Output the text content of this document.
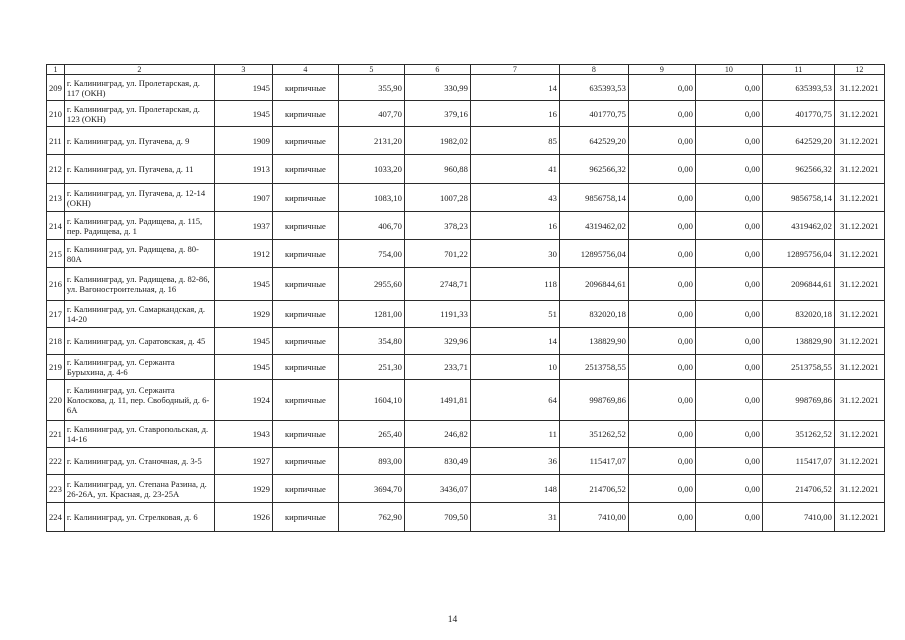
1	2	3	4	5	6	7	8	9	10	11	12
209	г. Калининград, ул. Пролетарская, д. 117 (ОКН)	1945	кирпичные	355,90	330,99	14	635393,53	0,00	0,00	635393,53	31.12.2021
210	г. Калининград, ул. Пролетарская, д. 123 (ОКН)	1945	кирпичные	407,70	379,16	16	401770,75	0,00	0,00	401770,75	31.12.2021
211	г. Калининград, ул. Пугачева, д. 9	1909	кирпичные	2131,20	1982,02	85	642529,20	0,00	0,00	642529,20	31.12.2021
212	г. Калининград, ул. Пугачева, д. 11	1913	кирпичные	1033,20	960,88	41	962566,32	0,00	0,00	962566,32	31.12.2021
213	г. Калининград, ул. Пугачева, д. 12-14 (ОКН)	1907	кирпичные	1083,10	1007,28	43	9856758,14	0,00	0,00	9856758,14	31.12.2021
214	г. Калининград, ул. Радищева, д. 115, пер. Радищева, д. 1	1937	кирпичные	406,70	378,23	16	4319462,02	0,00	0,00	4319462,02	31.12.2021
215	г. Калининград, ул. Радищева, д. 80-80А	1912	кирпичные	754,00	701,22	30	12895756,04	0,00	0,00	12895756,04	31.12.2021
216	г. Калининград, ул. Радищева, д. 82-86, ул. Вагоностроительная, д. 16	1945	кирпичные	2955,60	2748,71	118	2096844,61	0,00	0,00	2096844,61	31.12.2021
217	г. Калининград, ул. Самаркандская, д. 14-20	1929	кирпичные	1281,00	1191,33	51	832020,18	0,00	0,00	832020,18	31.12.2021
218	г. Калининград, ул. Саратовская, д. 45	1945	кирпичные	354,80	329,96	14	138829,90	0,00	0,00	138829,90	31.12.2021
219	г. Калининград, ул. Сержанта Бурыхина, д. 4-6	1945	кирпичные	251,30	233,71	10	2513758,55	0,00	0,00	2513758,55	31.12.2021
220	г. Калининград, ул. Сержанта Колоскова, д. 11, пер. Свободный, д. 6-6А	1924	кирпичные	1604,10	1491,81	64	998769,86	0,00	0,00	998769,86	31.12.2021
221	г. Калининград, ул. Ставропольская, д. 14-16	1943	кирпичные	265,40	246,82	11	351262,52	0,00	0,00	351262,52	31.12.2021
222	г. Калининград, ул. Станочная, д. 3-5	1927	кирпичные	893,00	830,49	36	115417,07	0,00	0,00	115417,07	31.12.2021
223	г. Калининград, ул. Степана Разина, д. 26-26А, ул. Красная, д. 23-25А	1929	кирпичные	3694,70	3436,07	148	214706,52	0,00	0,00	214706,52	31.12.2021
224	г. Калининград, ул. Стрелковая, д. 6	1926	кирпичные	762,90	709,50	31	7410,00	0,00	0,00	7410,00	31.12.2021
14
